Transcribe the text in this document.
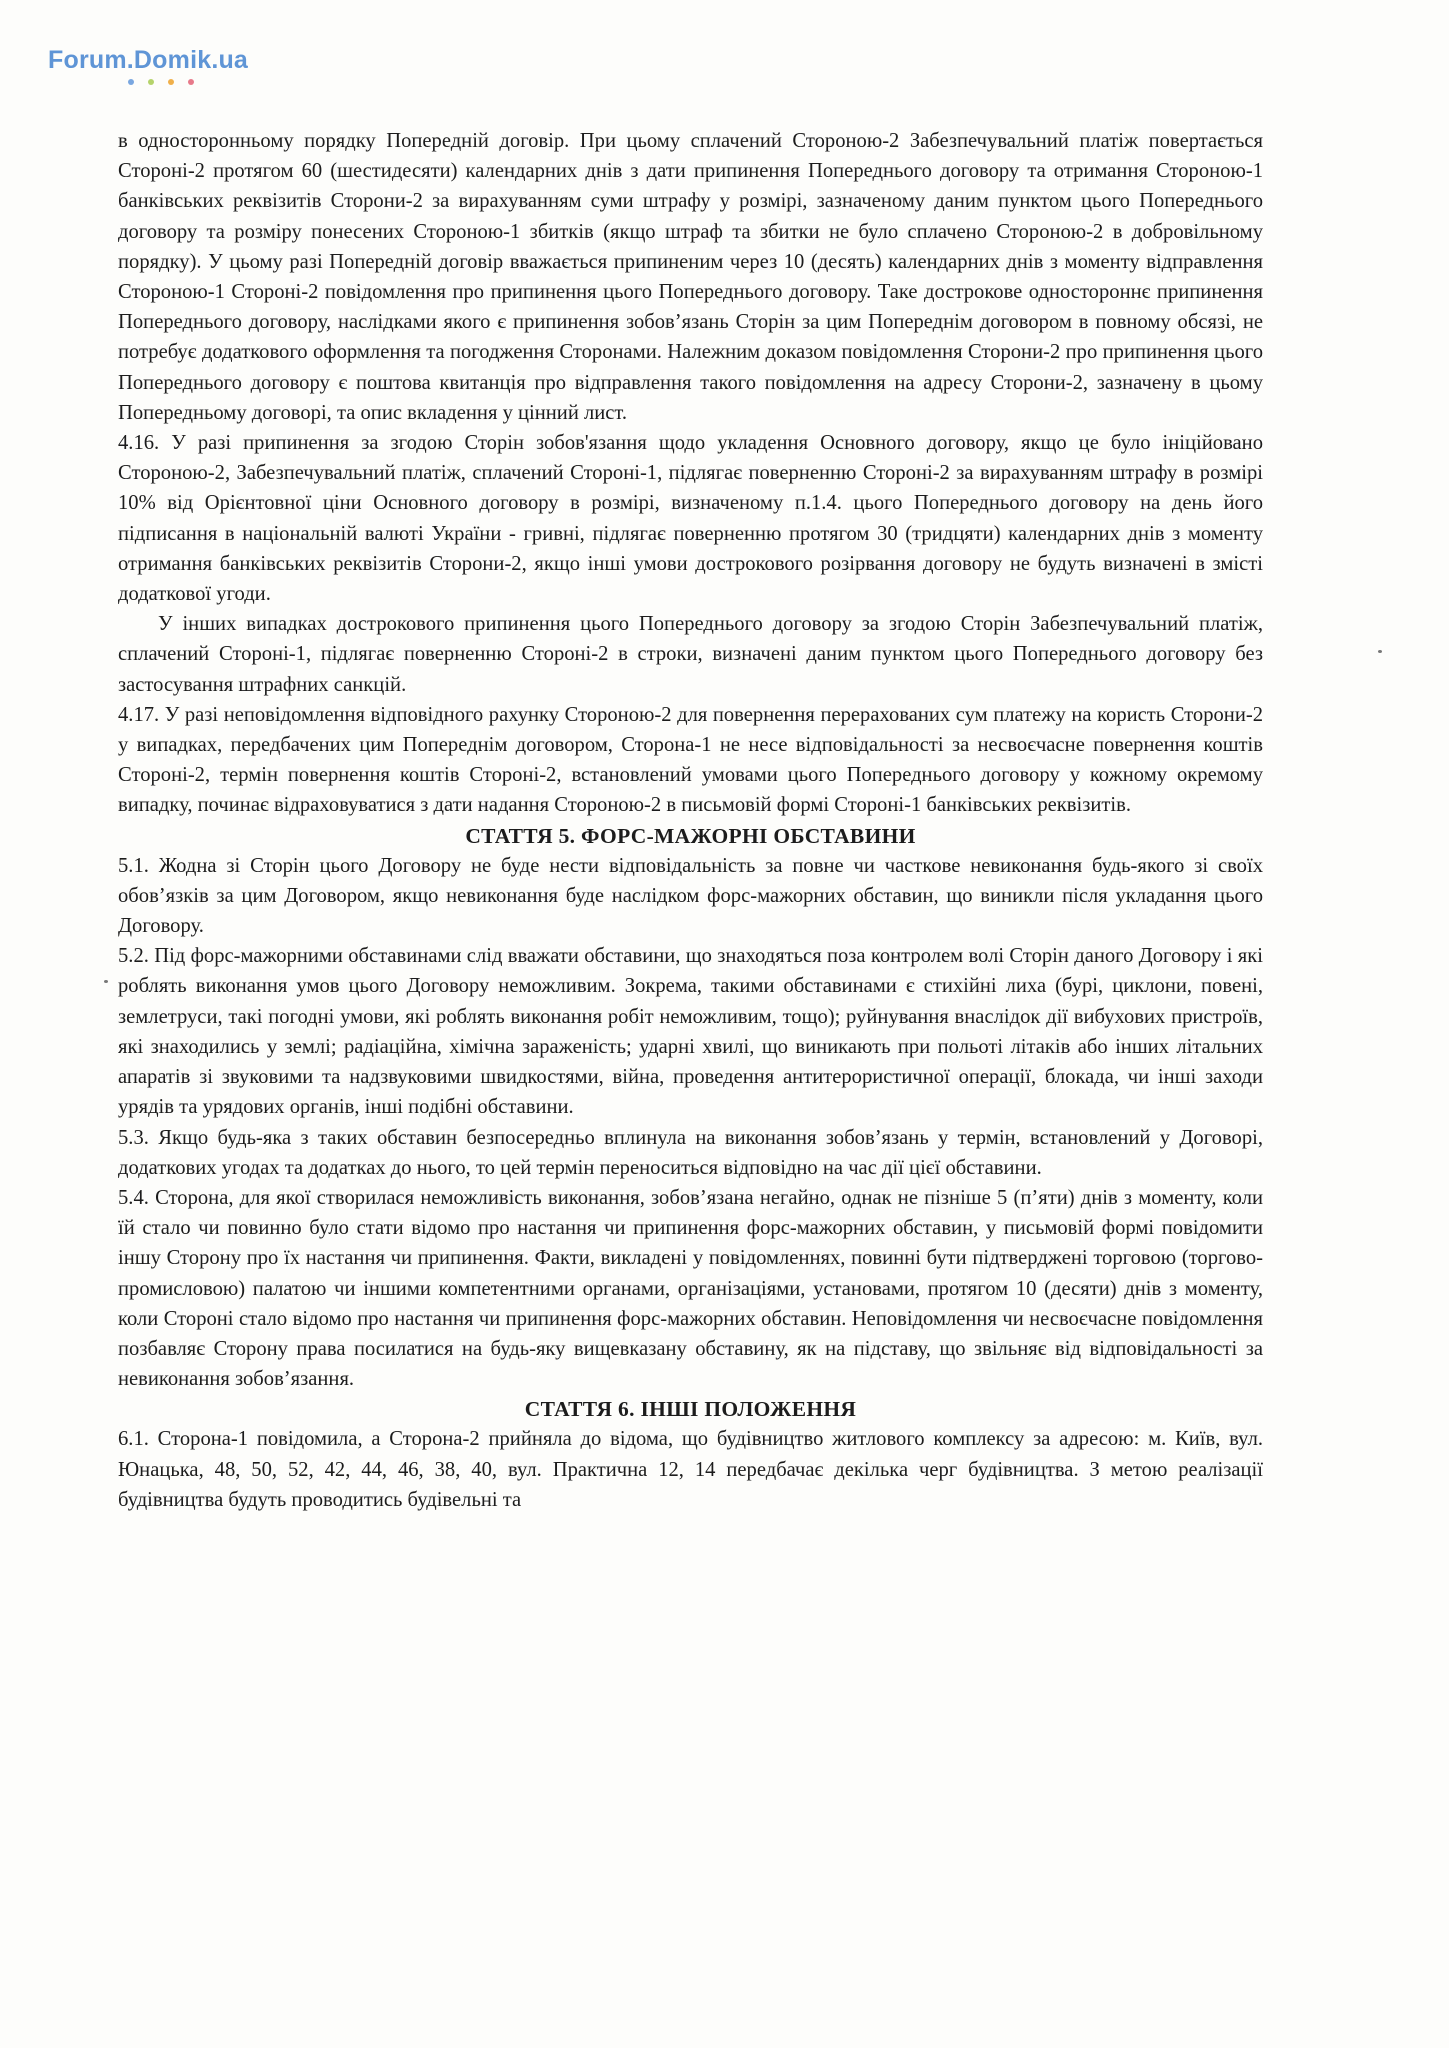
Forum.Domik.ua

в односторонньому порядку Попередній договір. При цьому сплачений Стороною-2 Забезпечувальний платіж повертається Стороні-2 протягом 60 (шестидесяти) календарних днів з дати припинення Попереднього договору та отримання Стороною-1 банківських реквізитів Сторони-2 за вирахуванням суми штрафу у розмірі, зазначеному даним пунктом цього Попереднього договору та розміру понесених Стороною-1 збитків (якщо штраф та збитки не було сплачено Стороною-2 в добровільному порядку). У цьому разі Попередній договір вважається припиненим через 10 (десять) календарних днів з моменту відправлення Стороною-1 Стороні-2 повідомлення про припинення цього Попереднього договору. Таке дострокове одностороннє припинення Попереднього договору, наслідками якого є припинення зобов’язань Сторін за цим Попереднім договором в повному обсязі, не потребує додаткового оформлення та погодження Сторонами. Належним доказом повідомлення Сторони-2 про припинення цього Попереднього договору є поштова квитанція про відправлення такого повідомлення на адресу Сторони-2, зазначену в цьому Попередньому договорі, та опис вкладення у цінний лист.

4.16. У разі припинення за згодою Сторін зобов'язання щодо укладення Основного договору, якщо це було ініційовано Стороною-2, Забезпечувальний платіж, сплачений Стороні-1, підлягає поверненню Стороні-2 за вирахуванням штрафу в розмірі 10% від Орієнтовної ціни Основного договору в розмірі, визначеному п.1.4. цього Попереднього договору на день його підписання в національній валюті України - гривні, підлягає поверненню протягом 30 (тридцяти) календарних днів з моменту отримання банківських реквізитів Сторони-2, якщо інші умови дострокового розірвання договору не будуть визначені в змісті додаткової угоди.

У інших випадках дострокового припинення цього Попереднього договору за згодою Сторін Забезпечувальний платіж, сплачений Стороні-1, підлягає поверненню Стороні-2 в строки, визначені даним пунктом цього Попереднього договору без застосування штрафних санкцій.

4.17. У разі неповідомлення відповідного рахунку Стороною-2 для повернення перерахованих сум платежу на користь Сторони-2 у випадках, передбачених цим Попереднім договором, Сторона-1 не несе відповідальності за несвоєчасне повернення коштів Стороні-2, термін повернення коштів Стороні-2, встановлений умовами цього Попереднього договору у кожному окремому випадку, починає відраховуватися з дати надання Стороною-2 в письмовій формі Стороні-1 банківських реквізитів.

СТАТТЯ 5. ФОРС-МАЖОРНІ ОБСТАВИНИ

5.1. Жодна зі Сторін цього Договору не буде нести відповідальність за повне чи часткове невиконання будь-якого зі своїх обов’язків за цим Договором, якщо невиконання буде наслідком форс-мажорних обставин, що виникли після укладання цього Договору.

5.2. Під форс-мажорними обставинами слід вважати обставини, що знаходяться поза контролем волі Сторін даного Договору і які роблять виконання умов цього Договору неможливим. Зокрема, такими обставинами є стихійні лиха (бурі, циклони, повені, землетруси, такі погодні умови, які роблять виконання робіт неможливим, тощо); руйнування внаслідок дії вибухових пристроїв, які знаходились у землі; радіаційна, хімічна зараженість; ударні хвилі, що виникають при польоті літаків або інших літальних апаратів зі звуковими та надзвуковими швидкостями, війна, проведення антитерористичної операції, блокада, чи інші заходи урядів та урядових органів, інші подібні обставини.

5.3. Якщо будь-яка з таких обставин безпосередньо вплинула на виконання зобов’язань у термін, встановлений у Договорі, додаткових угодах та додатках до нього, то цей термін переноситься відповідно на час дії цієї обставини.

5.4. Сторона, для якої створилася неможливість виконання, зобов’язана негайно, однак не пізніше 5 (п’яти) днів з моменту, коли їй стало чи повинно було стати відомо про настання чи припинення форс-мажорних обставин, у письмовій формі повідомити іншу Сторону про їх настання чи припинення. Факти, викладені у повідомленнях, повинні бути підтверджені торговою (торгово-промисловою) палатою чи іншими компетентними органами, організаціями, установами, протягом 10 (десяти) днів з моменту, коли Стороні стало відомо про настання чи припинення форс-мажорних обставин. Неповідомлення чи несвоєчасне повідомлення позбавляє Сторону права посилатися на будь-яку вищевказану обставину, як на підставу, що звільняє від відповідальності за невиконання зобов’язання.

СТАТТЯ 6. ІНШІ ПОЛОЖЕННЯ

6.1. Сторона-1 повідомила, а Сторона-2 прийняла до відома, що будівництво житлового комплексу за адресою: м. Київ, вул. Юнацька, 48, 50, 52, 42, 44, 46, 38, 40, вул. Практична 12, 14 передбачає декілька черг будівництва. З метою реалізації будівництва будуть проводитись будівельні та
